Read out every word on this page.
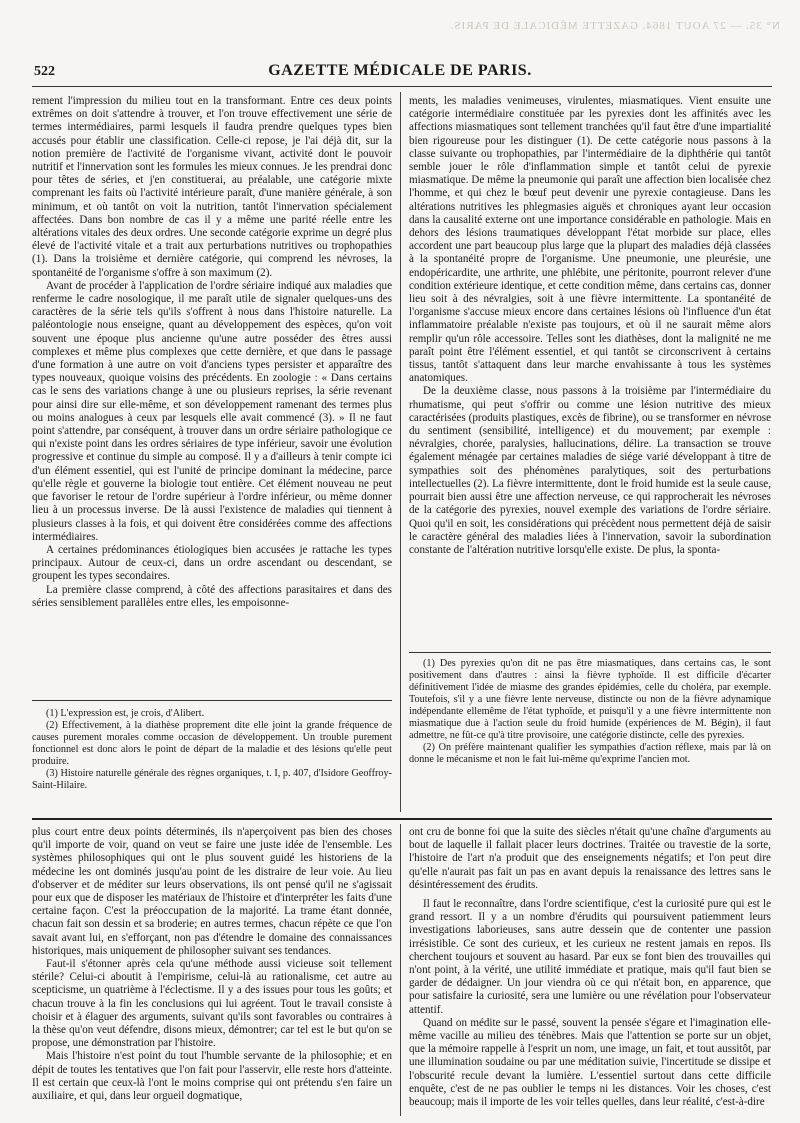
N° 35. — 27 AOUT 1864. GAZETTE MÉDICALE DE PARIS.
522	GAZETTE MÉDICALE DE PARIS.

rement l'impression du milieu tout en la transformant. Entre ces deux points extrêmes on doit s'attendre à trouver, et l'on trouve effectivement une série de termes intermédiaires, parmi lesquels il faudra prendre quelques types bien accusés pour établir une classification. Celle-ci repose, je l'ai déjà dit, sur la notion première de l'activité de l'organisme vivant, activité dont le pouvoir nutritif et l'innervation sont les formules les mieux connues. Je les prendrai donc pour têtes de séries, et j'en constituerai, au préalable, une catégorie mixte comprenant les faits où l'activité intérieure paraît, d'une manière générale, à son minimum, et où tantôt on voit la nutrition, tantôt l'innervation spécialement affectées. Dans bon nombre de cas il y a même une parité réelle entre les altérations vitales des deux ordres. Une seconde catégorie exprime un degré plus élevé de l'activité vitale et a trait aux perturbations nutritives ou trophopathies (1). Dans la troisième et dernière catégorie, qui comprend les névroses, la spontanéité de l'organisme s'offre à son maximum (2).

Avant de procéder à l'application de l'ordre sériaire indiqué aux maladies que renferme le cadre nosologique, il me paraît utile de signaler quelques-uns des caractères de la série tels qu'ils s'offrent à nous dans l'histoire naturelle. La paléontologie nous enseigne, quant au développement des espèces, qu'on voit souvent une époque plus ancienne qu'une autre posséder des êtres aussi complexes et même plus complexes que cette dernière, et que dans le passage d'une formation à une autre on voit d'anciens types persister et apparaître des types nouveaux, quoique voisins des précédents. En zoologie : « Dans certains cas le sens des variations change à une ou plusieurs reprises, la série revenant pour ainsi dire sur elle-même, et son développement ramenant des termes plus ou moins analogues à ceux par lesquels elle avait commencé (3). » Il ne faut point s'attendre, par conséquent, à trouver dans un ordre sériaire pathologique ce qui n'existe point dans les ordres sériaires de type inférieur, savoir une évolution progressive et continue du simple au composé. Il y a d'ailleurs à tenir compte ici d'un élément essentiel, qui est l'unité de principe dominant la médecine, parce qu'elle règle et gouverne la biologie tout entière. Cet élément nouveau ne peut que favoriser le retour de l'ordre supérieur à l'ordre inférieur, ou même donner lieu à un processus inverse. De là aussi l'existence de maladies qui tiennent à plusieurs classes à la fois, et qui doivent être considérées comme des affections intermédiaires.

A certaines prédominances étiologiques bien accusées je rattache les types principaux. Autour de ceux-ci, dans un ordre ascendant ou descendant, se groupent les types secondaires.

La première classe comprend, à côté des affections parasitaires et dans des séries sensiblement parallèles entre elles, les empoisonne-

ments, les maladies venimeuses, virulentes, miasmatiques. Vient ensuite une catégorie intermédiaire constituée par les pyrexies dont les affinités avec les affections miasmatiques sont tellement tranchées qu'il faut être d'une impartialité bien rigoureuse pour les distinguer (1). De cette catégorie nous passons à la classe suivante ou trophopathies, par l'intermédiaire de la diphthérie qui tantôt semble jouer le rôle d'inflammation simple et tantôt celui de pyrexie miasmatique. De même la pneumonie qui paraît une affection bien localisée chez l'homme, et qui chez le bœuf peut devenir une pyrexie contagieuse. Dans les altérations nutritives les phlegmasies aiguës et chroniques ayant leur occasion dans la causalité externe ont une importance considérable en pathologie. Mais en dehors des lésions traumatiques développant l'état morbide sur place, elles accordent une part beaucoup plus large que la plupart des maladies déjà classées à la spontanéité propre de l'organisme. Une pneumonie, une pleurésie, une endopéricardite, une arthrite, une phlébite, une péritonite, pourront relever d'une condition extérieure identique, et cette condition même, dans certains cas, donner lieu soit à des névralgies, soit à une fièvre intermittente. La spontanéité de l'organisme s'accuse mieux encore dans certaines lésions où l'influence d'un état inflammatoire préalable n'existe pas toujours, et où il ne saurait même alors remplir qu'un rôle accessoire. Telles sont les diathèses, dont la malignité ne me paraît point être l'élément essentiel, et qui tantôt se circonscrivent à certains tissus, tantôt s'attaquent dans leur marche envahissante à tous les systèmes anatomiques.

De la deuxième classe, nous passons à la troisième par l'intermédiaire du rhumatisme, qui peut s'offrir ou comme une lésion nutritive des mieux caractérisées (produits plastiques, excès de fibrine), ou se transformer en névrose du sentiment (sensibilité, intelligence) et du mouvement; par exemple : névralgies, chorée, paralysies, hallucinations, délire. La transaction se trouve également ménagée par certaines maladies de siége varié développant à titre de sympathies soit des phénomènes paralytiques, soit des perturbations intellectuelles (2). La fièvre intermittente, dont le froid humide est la seule cause, pourrait bien aussi être une affection nerveuse, ce qui rapprocherait les névroses de la catégorie des pyrexies, nouvel exemple des variations de l'ordre sériaire. Quoi qu'il en soit, les considérations qui précèdent nous permettent déjà de saisir le caractère général des maladies liées à l'innervation, savoir la subordination constante de l'altération nutritive lorsqu'elle existe. De plus, la sponta-

(1) Des pyrexies qu'on dit ne pas être miasmatiques, dans certains cas, le sont positivement dans d'autres : ainsi la fièvre typhoïde. Il est difficile d'écarter définitivement l'idée de miasme des grandes épidémies, celle du choléra, par exemple. Toutefois, s'il y a une fièvre lente nerveuse, distincte ou non de la fièvre adynamique indépendante ellemême de l'état typhoïde, et puisqu'il y a une fièvre intermittente non miasmatique due à l'action seule du froid humide (expériences de M. Bégin), il faut admettre, ne fût-ce qu'à titre provisoire, une catégorie distincte, celle des pyrexies.

(2) On préfère maintenant qualifier les sympathies d'action réflexe, mais par là on donne le mécanisme et non le fait lui-même qu'exprime l'ancien mot.

(1) L'expression est, je crois, d'Alibert.

(2) Effectivement, à la diathèse proprement dite elle joint la grande fréquence de causes purement morales comme occasion de développement. Un trouble purement fonctionnel est donc alors le point de départ de la maladie et des lésions qu'elle peut produire.

(3) Histoire naturelle générale des règnes organiques, t. I, p. 407, d'Isidore Geoffroy-Saint-Hilaire.

plus court entre deux points déterminés, ils n'aperçoivent pas bien des choses qu'il importe de voir, quand on veut se faire une juste idée de l'ensemble. Les systèmes philosophiques qui ont le plus souvent guidé les historiens de la médecine les ont dominés jusqu'au point de les distraire de leur voie. Au lieu d'observer et de méditer sur leurs observations, ils ont pensé qu'il ne s'agissait pour eux que de disposer les matériaux de l'histoire et d'interpréter les faits d'une certaine façon. C'est la préoccupation de la majorité. La trame étant donnée, chacun fait son dessin et sa broderie; en autres termes, chacun répète ce que l'on savait avant lui, en s'efforçant, non pas d'étendre le domaine des connaissances historiques, mais uniquement de philosopher suivant ses tendances.

Faut-il s'étonner après cela qu'une méthode aussi vicieuse soit tellement stérile? Celui-ci aboutit à l'empirisme, celui-là au rationalisme, cet autre au scepticisme, un quatrième à l'éclectisme. Il y a des issues pour tous les goûts; et chacun trouve à la fin les conclusions qui lui agréent. Tout le travail consiste à choisir et à élaguer des arguments, suivant qu'ils sont favorables ou contraires à la thèse qu'on veut défendre, disons mieux, démontrer; car tel est le but qu'on se propose, une démonstration par l'histoire.

Mais l'histoire n'est point du tout l'humble servante de la philosophie; et en dépit de toutes les tentatives que l'on fait pour l'asservir, elle reste hors d'atteinte. Il est certain que ceux-là l'ont le moins comprise qui ont prétendu s'en faire un auxiliaire, et qui, dans leur orgueil dogmatique,

ont cru de bonne foi que la suite des siècles n'était qu'une chaîne d'arguments au bout de laquelle il fallait placer leurs doctrines. Traitée ou travestie de la sorte, l'histoire de l'art n'a produit que des enseignements négatifs; et l'on peut dire qu'elle n'aurait pas fait un pas en avant depuis la renaissance des lettres sans le désintéressement des érudits.

Il faut le reconnaître, dans l'ordre scientifique, c'est la curiosité pure qui est le grand ressort. Il y a un nombre d'érudits qui poursuivent patiemment leurs investigations laborieuses, sans autre dessein que de contenter une passion irrésistible. Ce sont des curieux, et les curieux ne restent jamais en repos. Ils cherchent toujours et souvent au hasard. Par eux se font bien des trouvailles qui n'ont point, à la vérité, une utilité immédiate et pratique, mais qu'il faut bien se garder de dédaigner. Un jour viendra où ce qui n'était bon, en apparence, que pour satisfaire la curiosité, sera une lumière ou une révélation pour l'observateur attentif.

Quand on médite sur le passé, souvent la pensée s'égare et l'imagination elle-même vacille au milieu des ténèbres. Mais que l'attention se porte sur un objet, que la mémoire rappelle à l'esprit un nom, une image, un fait, et tout aussitôt, par une illumination soudaine ou par une méditation suivie, l'incertitude se dissipe et l'obscurité recule devant la lumière. L'essentiel surtout dans cette difficile enquête, c'est de ne pas oublier le temps ni les distances. Voir les choses, c'est beaucoup; mais il importe de les voir telles quelles, dans leur réalité, c'est-à-dire
